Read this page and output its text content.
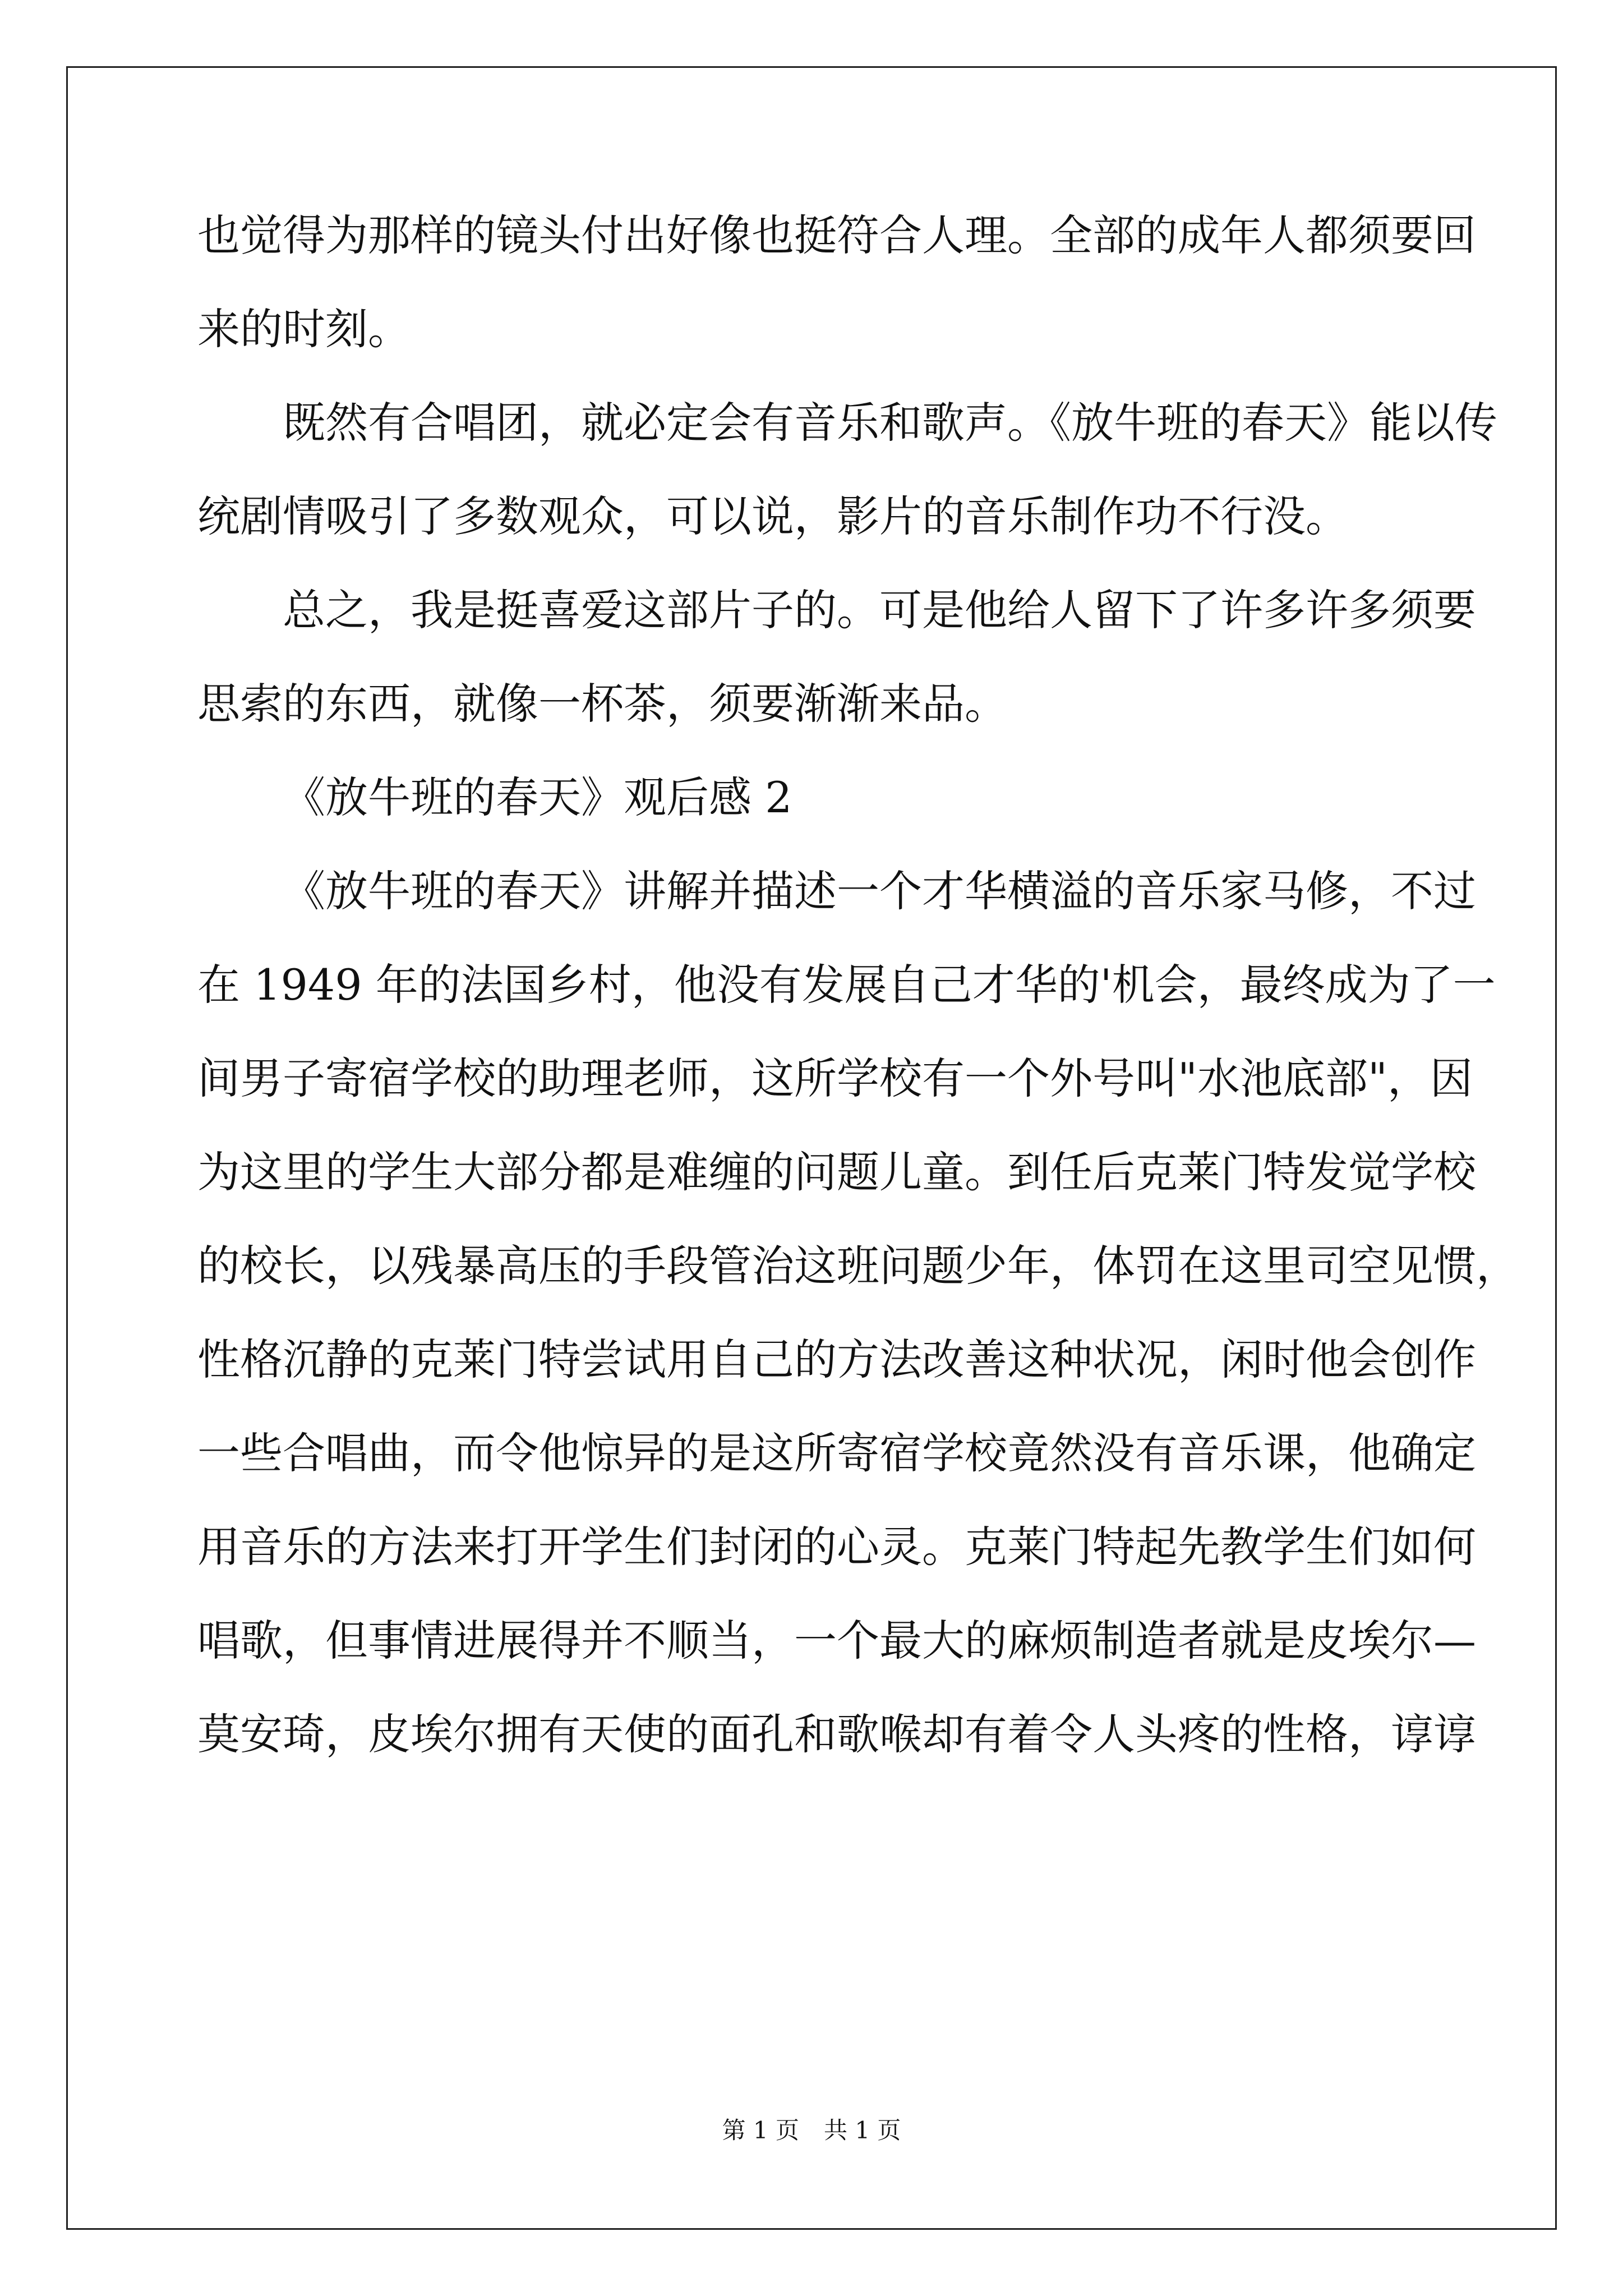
也觉得为那样的镜头付出好像也挺符合人理。全部的成年人都须要回
来的时刻。
既然有合唱团，就必定会有音乐和歌声。《放牛班的春天》能以传
统剧情吸引了多数观众，可以说，影片的音乐制作功不行没。
总之，我是挺喜爱这部片子的。可是他给人留下了许多许多须要
思索的东西，就像一杯茶，须要渐渐来品。
《放牛班的春天》观后感 2
《放牛班的春天》讲解并描述一个才华横溢的音乐家马修，不过
在 1949 年的法国乡村，他没有发展自己才华的'机会，最终成为了一
间男子寄宿学校的助理老师，这所学校有一个外号叫"水池底部"，因
为这里的学生大部分都是难缠的问题儿童。到任后克莱门特发觉学校
的校长，以残暴高压的手段管治这班问题少年，体罚在这里司空见惯，
性格沉静的克莱门特尝试用自己的方法改善这种状况，闲时他会创作
一些合唱曲，而令他惊异的是这所寄宿学校竟然没有音乐课，他确定
用音乐的方法来打开学生们封闭的心灵。克莱门特起先教学生们如何
唱歌，但事情进展得并不顺当，一个最大的麻烦制造者就是皮埃尔—
莫安琦，皮埃尔拥有天使的面孔和歌喉却有着令人头疼的性格，谆谆
第 1 页 共 1 页
